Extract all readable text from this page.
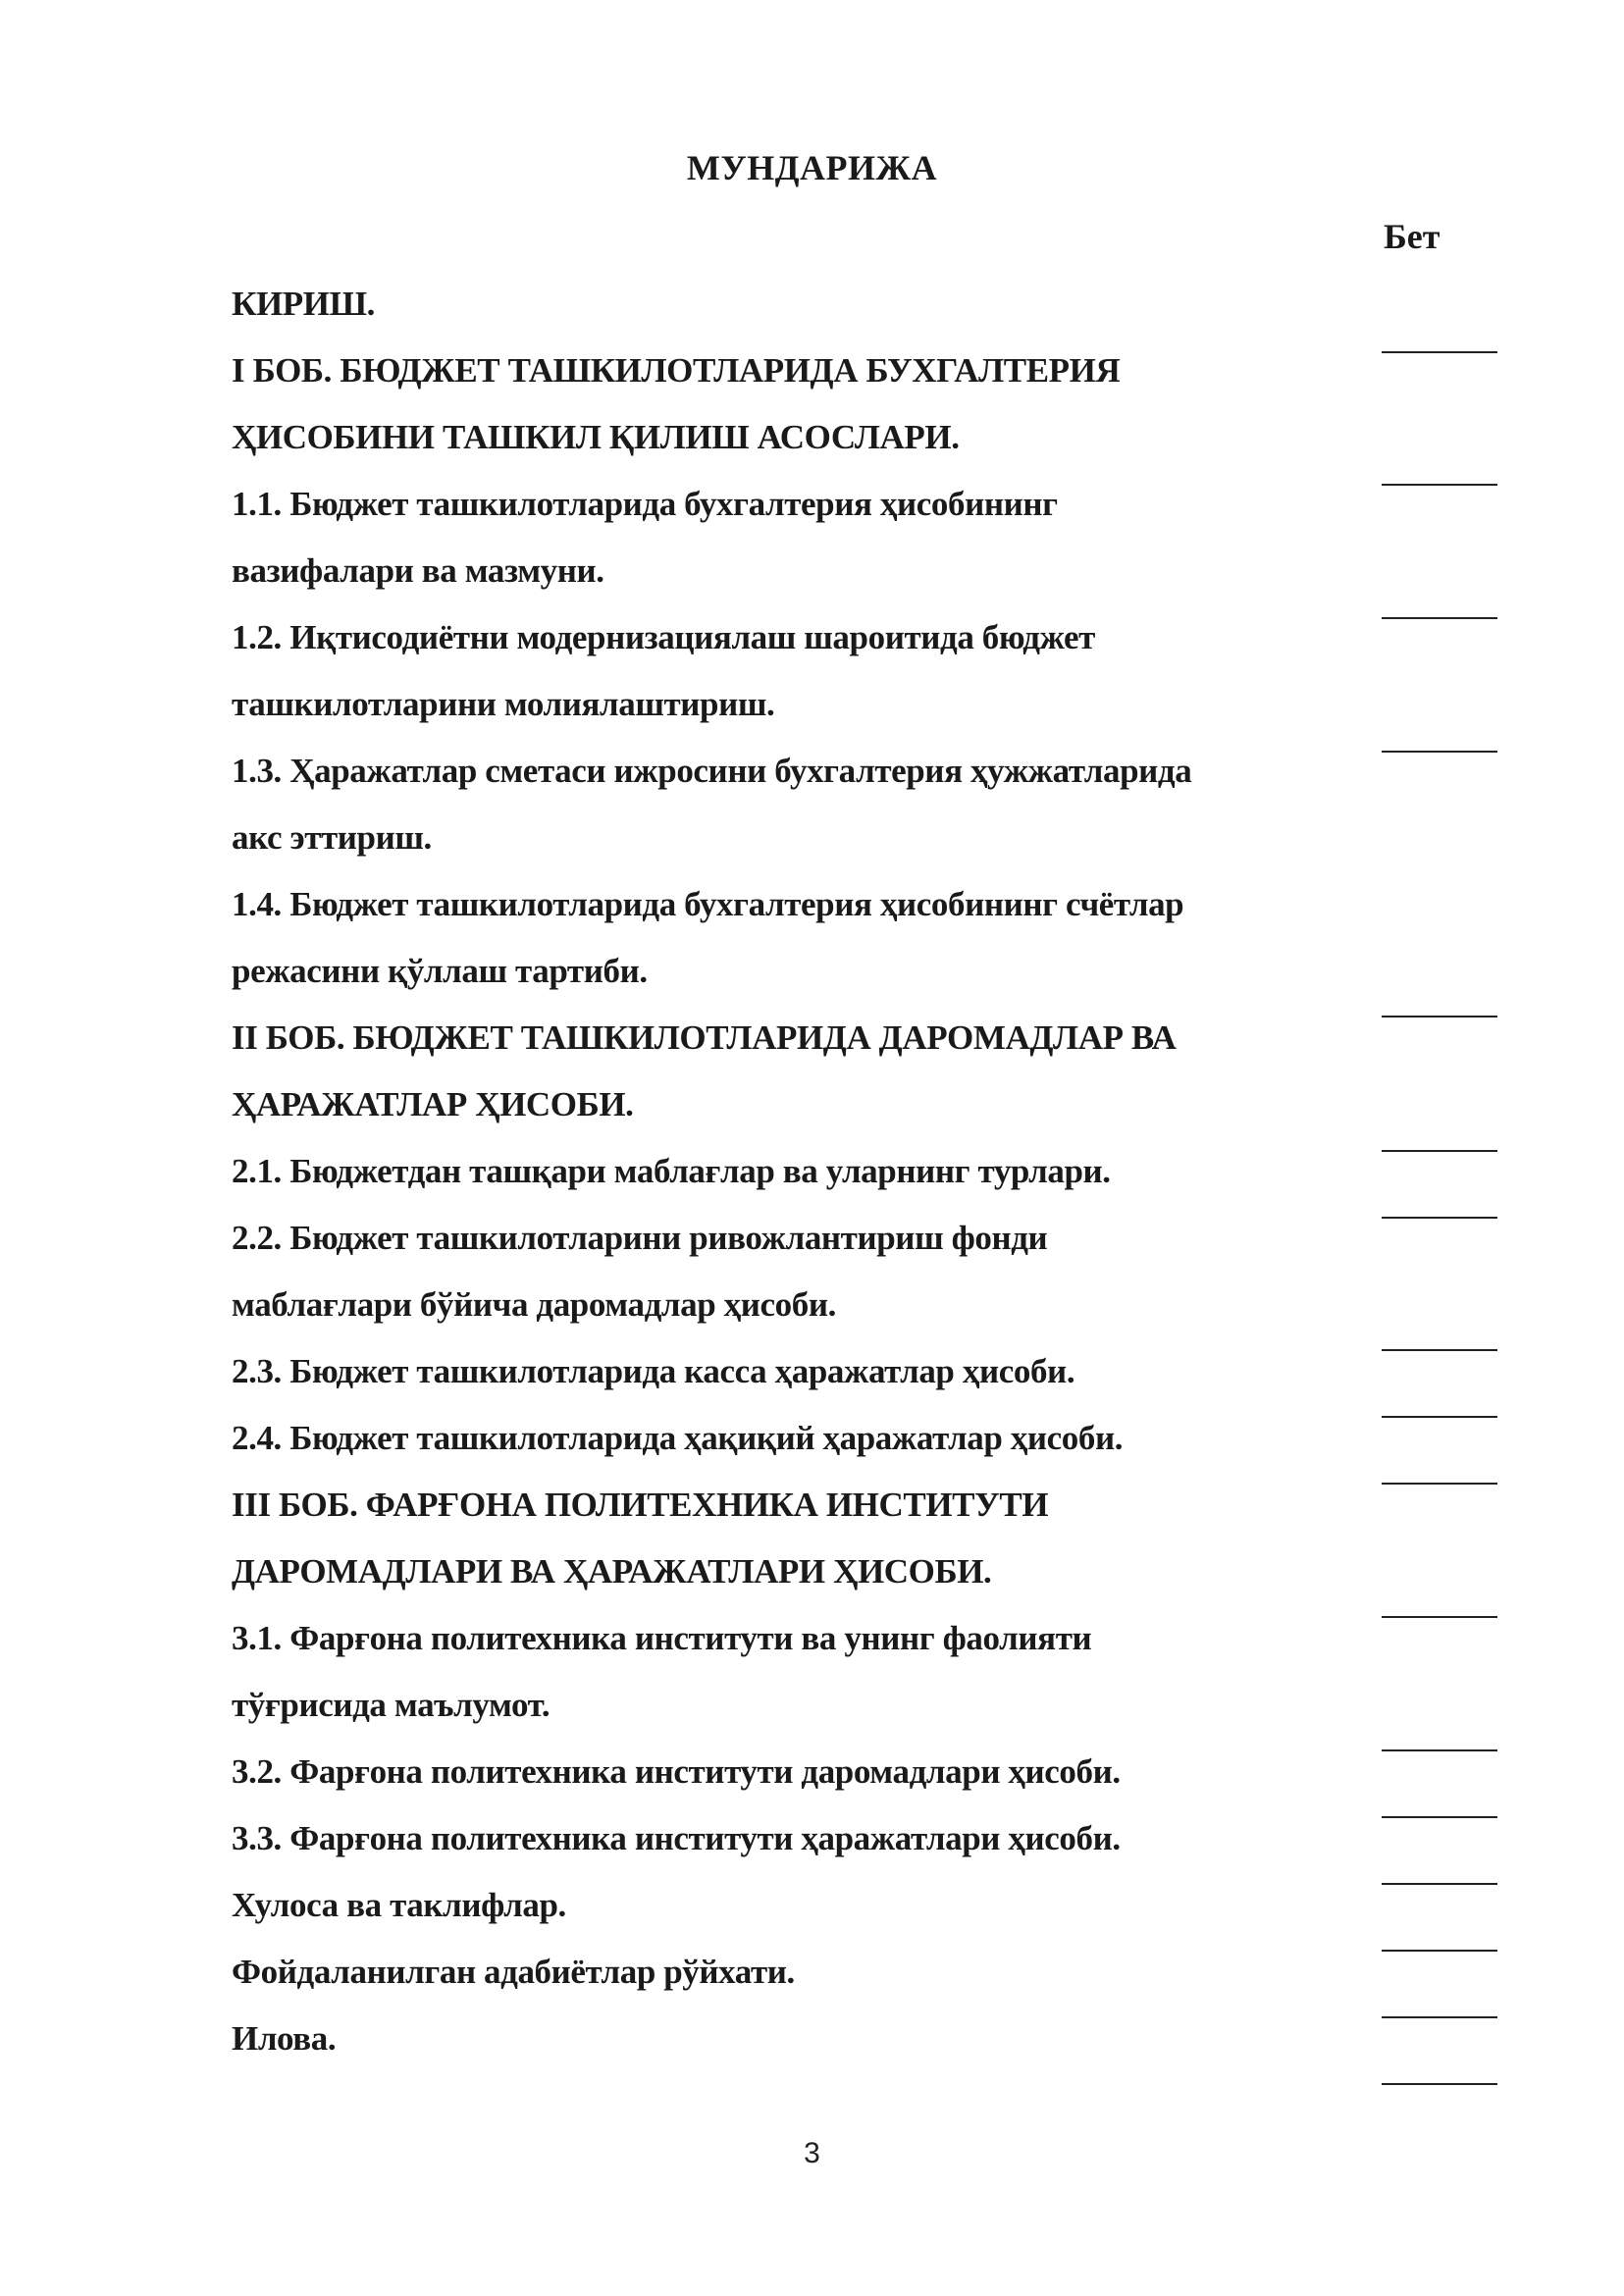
МУНДАРИЖА
Бет
КИРИШ.
I БОБ. БЮДЖЕТ ТАШКИЛОТЛАРИДА БУХГАЛТЕРИЯ
ҲИСОБИНИ ТАШКИЛ ҚИЛИШ АСОСЛАРИ.
1.1. Бюджет ташкилотларида бухгалтерия ҳисобининг
вазифалари ва мазмуни.
1.2. Иқтисодиётни модернизациялаш шароитида бюджет
ташкилотларини молиялаштириш.
1.3. Ҳаражатлар сметаси ижросини бухгалтерия ҳужжатларида
акс эттириш.
1.4. Бюджет ташкилотларида бухгалтерия ҳисобининг счётлар
режасини қўллаш тартиби.
II БОБ. БЮДЖЕТ ТАШКИЛОТЛАРИДА ДАРОМАДЛАР ВА
ҲАРАЖАТЛАР ҲИСОБИ.
2.1. Бюджетдан ташқари маблағлар ва уларнинг турлари.
2.2. Бюджет ташкилотларини ривожлантириш фонди
маблағлари бўйича даромадлар ҳисоби.
2.3. Бюджет ташкилотларида касса ҳаражатлар ҳисоби.
2.4. Бюджет ташкилотларида ҳақиқий ҳаражатлар ҳисоби.
III БОБ. ФАРҒОНА ПОЛИТЕХНИКА ИНСТИТУТИ
ДАРОМАДЛАРИ ВА ҲАРАЖАТЛАРИ ҲИСОБИ.
3.1. Фарғона политехника институти ва унинг фаолияти
тўғрисида маълумот.
3.2. Фарғона политехника институти даромадлари ҳисоби.
3.3. Фарғона политехника институти ҳаражатлари ҳисоби.
Хулоса ва таклифлар.
Фойдаланилган адабиётлар рўйхати.
Илова.
3
